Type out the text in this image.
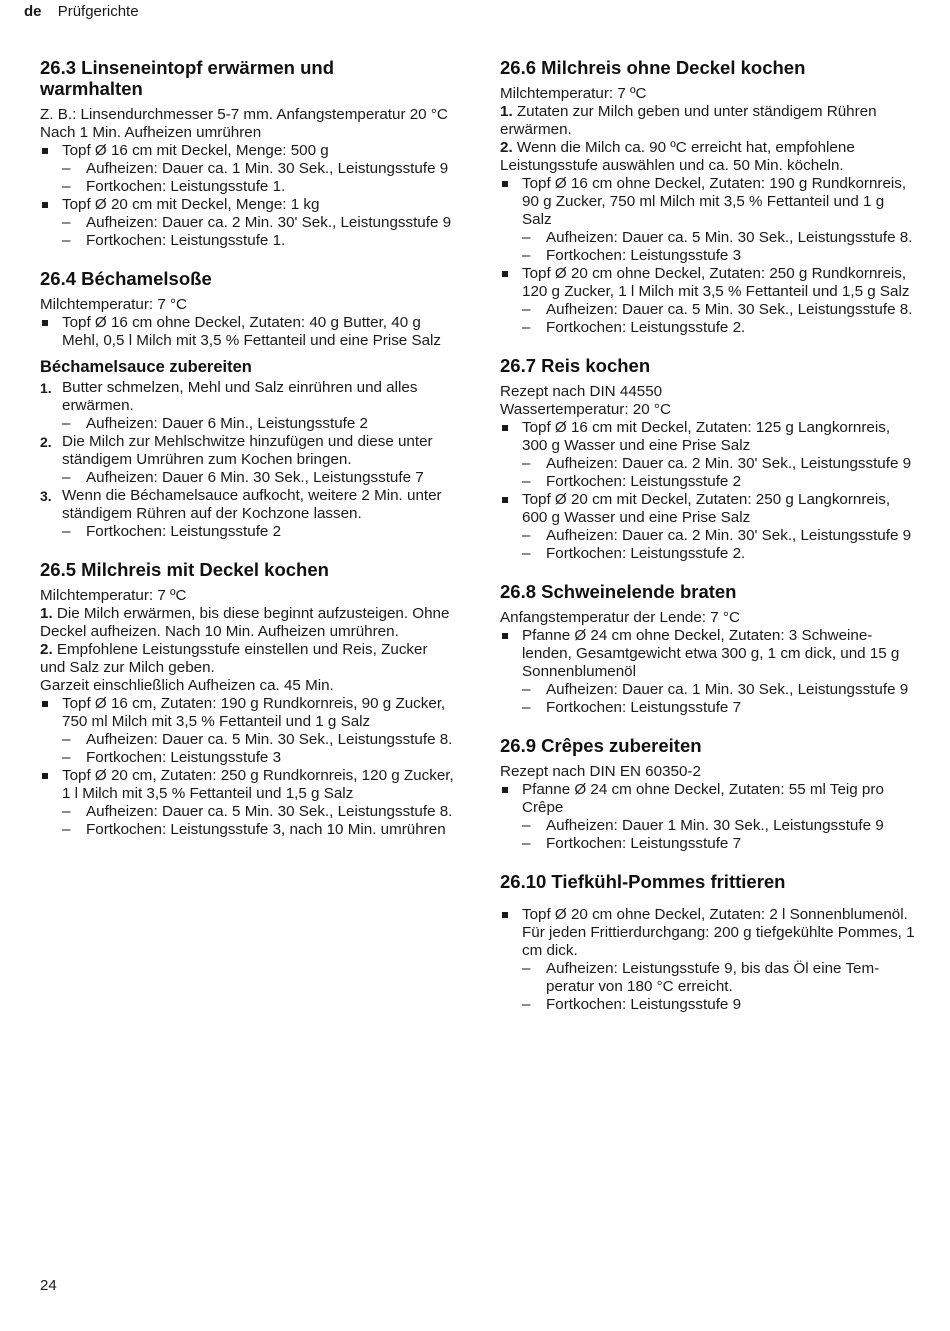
de Prüfgerichte
26.3 Linseneintopf erwärmen und
warmhalten

Z. B.: Linsendurchmesser 5-7 mm. Anfangstemperatur 20 °C

Nach 1 Min. Aufheizen umrühren

Topf Ø 16 cm mit Deckel, Menge: 500 g

– Aufheizen: Dauer ca. 1 Min. 30 Sek., Leistungsstufe 9

– Fortkochen: Leistungsstufe 1.

Topf Ø 20 cm mit Deckel, Menge: 1 kg

– Aufheizen: Dauer ca. 2 Min. 30' Sek., Leistungsstufe 9

– Fortkochen: Leistungsstufe 1.

26.4 Béchamelsoße

Milchtemperatur: 7 °C

Topf Ø 16 cm ohne Deckel, Zutaten: 40 g Butter, 40 g Mehl, 0,5 l Milch mit 3,5 % Fettanteil und eine Prise Salz

Béchamelsauce zubereiten
1. Butter schmelzen, Mehl und Salz einrühren und alles erwärmen.

– Aufheizen: Dauer 6 Min., Leistungsstufe 2

2. Die Milch zur Mehlschwitze hinzufügen und diese unter ständigem Umrühren zum Kochen bringen.

– Aufheizen: Dauer 6 Min. 30 Sek., Leistungsstufe 7

3. Wenn die Béchamelsauce aufkocht, weitere 2 Min. unter ständigem Rühren auf der Kochzone lassen.

– Fortkochen: Leistungsstufe 2

26.5 Milchreis mit Deckel kochen

Milchtemperatur: 7 ºC

1. Die Milch erwärmen, bis diese beginnt aufzusteigen. Ohne Deckel aufheizen. Nach 10 Min. Aufheizen umrühren.

2. Empfohlene Leistungsstufe einstellen und Reis, Zucker und Salz zur Milch geben.

Garzeit einschließlich Aufheizen ca. 45 Min.

Topf Ø 16 cm, Zutaten: 190 g Rundkornreis, 90 g Zucker, 750 ml Milch mit 3,5 % Fettanteil und 1 g Salz

– Aufheizen: Dauer ca. 5 Min. 30 Sek., Leistungsstufe 8.

– Fortkochen: Leistungsstufe 3

Topf Ø 20 cm, Zutaten: 250 g Rundkornreis, 120 g Zucker, 1 l Milch mit 3,5 % Fettanteil und 1,5 g Salz

– Aufheizen: Dauer ca. 5 Min. 30 Sek., Leistungsstufe 8.

– Fortkochen: Leistungsstufe 3, nach 10 Min. umrühren

26.6 Milchreis ohne Deckel kochen

Milchtemperatur: 7 ºC

1. Zutaten zur Milch geben und unter ständigem Rühren erwärmen.

2. Wenn die Milch ca. 90 ºC erreicht hat, empfohlene Leistungsstufe auswählen und ca. 50 Min. köcheln.

Topf Ø 16 cm ohne Deckel, Zutaten: 190 g Rundkornreis, 90 g Zucker, 750 ml Milch mit 3,5 % Fettanteil und 1 g Salz

– Aufheizen: Dauer ca. 5 Min. 30 Sek., Leistungsstufe 8.

– Fortkochen: Leistungsstufe 3

Topf Ø 20 cm ohne Deckel, Zutaten: 250 g Rundkornreis, 120 g Zucker, 1 l Milch mit 3,5 % Fettanteil und 1,5 g Salz

– Aufheizen: Dauer ca. 5 Min. 30 Sek., Leistungsstufe 8.

– Fortkochen: Leistungsstufe 2.

26.7 Reis kochen

Rezept nach DIN 44550

Wassertemperatur: 20 °C

Topf Ø 16 cm mit Deckel, Zutaten: 125 g Langkornreis, 300 g Wasser und eine Prise Salz

– Aufheizen: Dauer ca. 2 Min. 30' Sek., Leistungsstufe 9

– Fortkochen: Leistungsstufe 2

Topf Ø 20 cm mit Deckel, Zutaten: 250 g Langkornreis, 600 g Wasser und eine Prise Salz

– Aufheizen: Dauer ca. 2 Min. 30' Sek., Leistungsstufe 9

– Fortkochen: Leistungsstufe 2.

26.8 Schweinelende braten

Anfangstemperatur der Lende: 7 °C

Pfanne Ø 24 cm ohne Deckel, Zutaten: 3 Schweinelenden, Gesamtgewicht etwa 300 g, 1 cm dick, und 15 g Sonnenblumenöl

– Aufheizen: Dauer ca. 1 Min. 30 Sek., Leistungsstufe 9

– Fortkochen: Leistungsstufe 7

26.9 Crêpes zubereiten

Rezept nach DIN EN 60350-2

Pfanne Ø 24 cm ohne Deckel, Zutaten: 55 ml Teig pro Crêpe

– Aufheizen: Dauer 1 Min. 30 Sek., Leistungsstufe 9

– Fortkochen: Leistungsstufe 7

26.10 Tiefkühl-Pommes frittieren

Topf Ø 20 cm ohne Deckel, Zutaten: 2 l Sonnenblumenöl. Für jeden Frittierdurchgang: 200 g tiefgekühlte Pommes, 1 cm dick.

– Aufheizen: Leistungsstufe 9, bis das Öl eine Temperatur von 180 °C erreicht.

– Fortkochen: Leistungsstufe 9

24
